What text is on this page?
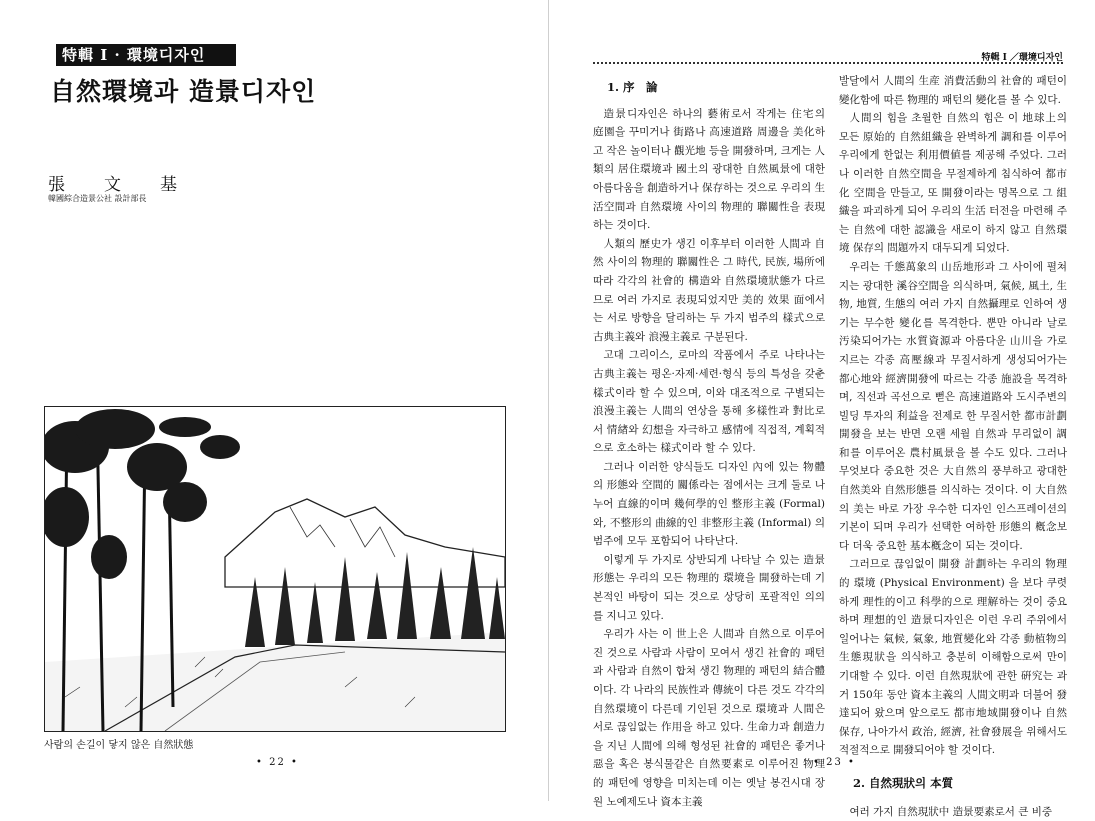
特輯 I · 環境디자인
自然環境과 造景디자인
張文基
韓國綜合造景公社 設計部長
사람의 손길이 닿지 않은 自然狀態
• 22 •
特輯 I ／環境디자인
1. 序　論

造景디자인은 하나의 藝術로서 작게는 住宅의 庭園을 꾸미거나 街路나 高速道路 周邊을 美化하고 작은 놀이터나 觀光地 등을 開發하며, 크게는 人類의 居住環境과 國土의 광대한 自然風景에 대한 아름다움을 創造하거나 保存하는 것으로 우리의 生活空間과 自然環境 사이의 物理的 聯關性을 表現하는 것이다.

人類의 歷史가 생긴 이후부터 이러한 人間과 自然 사이의 物理的 聯關性은 그 時代, 民族, 場所에 따라 각각의 社會的 構造와 自然環境狀態가 다르므로 여러 가지로 表現되었지만 美的 效果 面에서는 서로 방향을 달리하는 두 가지 범주의 樣式으로 古典主義와 浪漫主義로 구분된다.

고대 그리이스, 로마의 작품에서 주로 나타나는 古典主義는 평온·자제·세련·형식 등의 특성을 갖춘 樣式이라 할 수 있으며, 이와 대조적으로 구별되는 浪漫主義는 人間의 연상을 통해 多樣性과 對比로서 情緖와 幻想을 자극하고 感情에 직접적, 계획적으로 호소하는 樣式이라 할 수 있다.

그러나 이러한 양식들도 디자인 內에 있는 物體의 形態와 空間的 關係라는 점에서는 크게 둘로 나누어 直線的이며 幾何學的인 整形主義 (Formal) 와, 不整形의 曲線的인 非整形主義 (Informal) 의 범주에 모두 포함되어 나타난다.

이렇게 두 가지로 상반되게 나타날 수 있는 造景形態는 우리의 모든 物理的 環境을 開發하는데 기본적인 바탕이 되는 것으로 상당히 포괄적인 의의를 지니고 있다.

우리가 사는 이 世上은 人間과 自然으로 이루어진 것으로 사람과 사람이 모여서 생긴 社會的 패턴과 사람과 自然이 합쳐 생긴 物理的 패턴의 結合體이다. 각 나라의 民族性과 傳統이 다른 것도 각각의 自然環境이 다른데 기인된 것으로 環境과 人間은 서로 끊임없는 作用을 하고 있다. 生命力과 創造力을 지닌 人間에 의해 형성된 社會的 패턴은 좋거나 惡을 혹은 봉식물같은 自然要素로 이루어진 物理的 패턴에 영향을 미치는데 이는 옛날 봉건시대 장원 노예제도나 資本主義

발달에서 人間의 生産 消費活動의 社會的 패턴이 變化함에 따른 物理的 패턴의 變化를 볼 수 있다.

人間의 힘을 초월한 自然의 힘은 이 地球上의 모든 原始的 自然組織을 완벽하게 調和를 이루어 우리에게 한없는 利用價値를 제공해 주었다. 그러나 이러한 自然空間을 무절제하게 침식하여 都市化 空間을 만들고, 또 開發이라는 명목으로 그 組織을 파괴하게 되어 우리의 生活 터전을 마련해 주는 自然에 대한 認識을 새로이 하지 않고 自然環境 保存의 問題까지 대두되게 되었다.

우리는 千態萬象의 山岳地形과 그 사이에 펼쳐지는 광대한 溪谷空間을 의식하며, 氣候, 風土, 生物, 地質, 生態의 여러 가지 自然攝理로 인하여 생기는 무수한 變化를 목격한다. 뿐만 아니라 날로 汚染되어가는 水質資源과 아름다운 山川을 가로지르는 각종 高壓線과 무질서하게 생성되어가는 都心地와 經濟開發에 따르는 각종 施設을 목격하며, 직선과 곡선으로 뻗은 高速道路와 도시주변의 빌딩 투자의 利益을 전제로 한 무질서한 都市計劃開發을 보는 반면 오랜 세월 自然과 무리없이 調和를 이루어온 農村風景을 볼 수도 있다. 그러나 무엇보다 중요한 것은 大自然의 풍부하고 광대한 自然美와 自然形態를 의식하는 것이다. 이 大自然의 美는 바로 가장 우수한 디자인 인스프레이션의 기본이 되며 우리가 선택한 여하한 形態의 槪念보다 더욱 중요한 基本槪念이 되는 것이다.

그러므로 끊임없이 開發 計劃하는 우리의 物理的 環境 (Physical Environment) 을 보다 쿠렷하게 理性的이고 科學的으로 理解하는 것이 중요하며 理想的인 造景디자인은 이런 우리 주위에서 일어나는 氣候, 氣象, 地質變化와 각종 動植物의 生態現狀을 의식하고 충분히 이해함으로써 만이 기대할 수 있다. 이런 自然現狀에 관한 硏究는 과거 150年 동안 資本主義의 人間文明과 더불어 發達되어 왔으며 앞으로도 都市地域開發이나 自然保存, 나아가서 政治, 經濟, 社會發展을 위해서도 적절적으로 開發되어야 할 것이다.

2. 自然現狀의 本質

여러 가지 自然現狀中 造景要素로서 큰 비중

• 23 •
